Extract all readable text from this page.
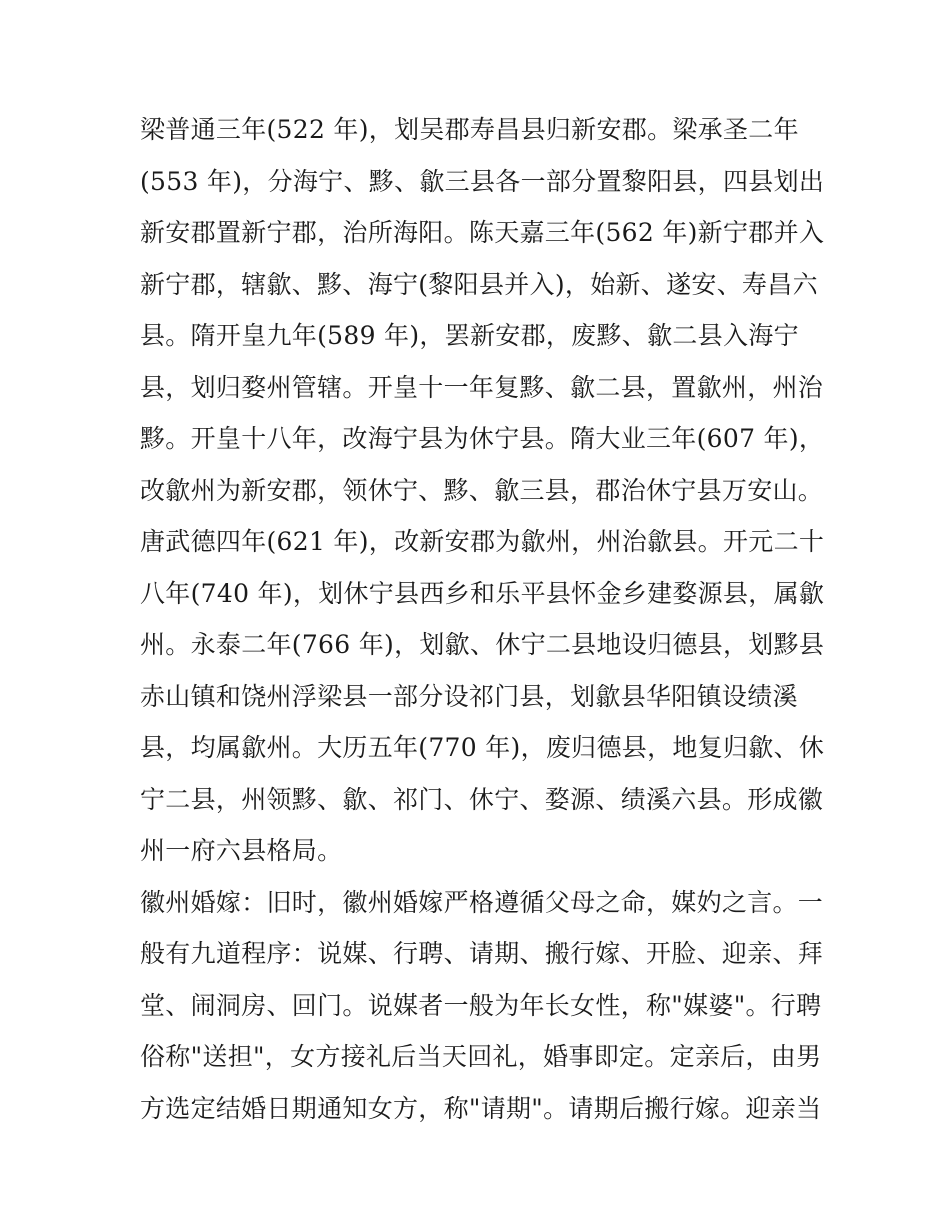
梁普通三年(522 年)，划吴郡寿昌县归新安郡。梁承圣二年
(553 年)，分海宁、黟、歙三县各一部分置黎阳县，四县划出
新安郡置新宁郡，治所海阳。陈天嘉三年(562 年)新宁郡并入
新宁郡，辖歙、黟、海宁(黎阳县并入)，始新、遂安、寿昌六
县。隋开皇九年(589 年)，罢新安郡，废黟、歙二县入海宁
县，划归婺州管辖。开皇十一年复黟、歙二县，置歙州，州治
黟。开皇十八年，改海宁县为休宁县。隋大业三年(607 年)，
改歙州为新安郡，领休宁、黟、歙三县，郡治休宁县万安山。
唐武德四年(621 年)，改新安郡为歙州，州治歙县。开元二十
八年(740 年)，划休宁县西乡和乐平县怀金乡建婺源县，属歙
州。永泰二年(766 年)，划歙、休宁二县地设归德县，划黟县
赤山镇和饶州浮梁县一部分设祁门县，划歙县华阳镇设绩溪
县，均属歙州。大历五年(770 年)，废归德县，地复归歙、休
宁二县，州领黟、歙、祁门、休宁、婺源、绩溪六县。形成徽
州一府六县格局。
徽州婚嫁：旧时，徽州婚嫁严格遵循父母之命，媒妁之言。一
般有九道程序：说媒、行聘、请期、搬行嫁、开脸、迎亲、拜
堂、闹洞房、回门。说媒者一般为年长女性，称"媒婆"。行聘
俗称"送担"，女方接礼后当天回礼，婚事即定。定亲后，由男
方选定结婚日期通知女方，称"请期"。请期后搬行嫁。迎亲当
